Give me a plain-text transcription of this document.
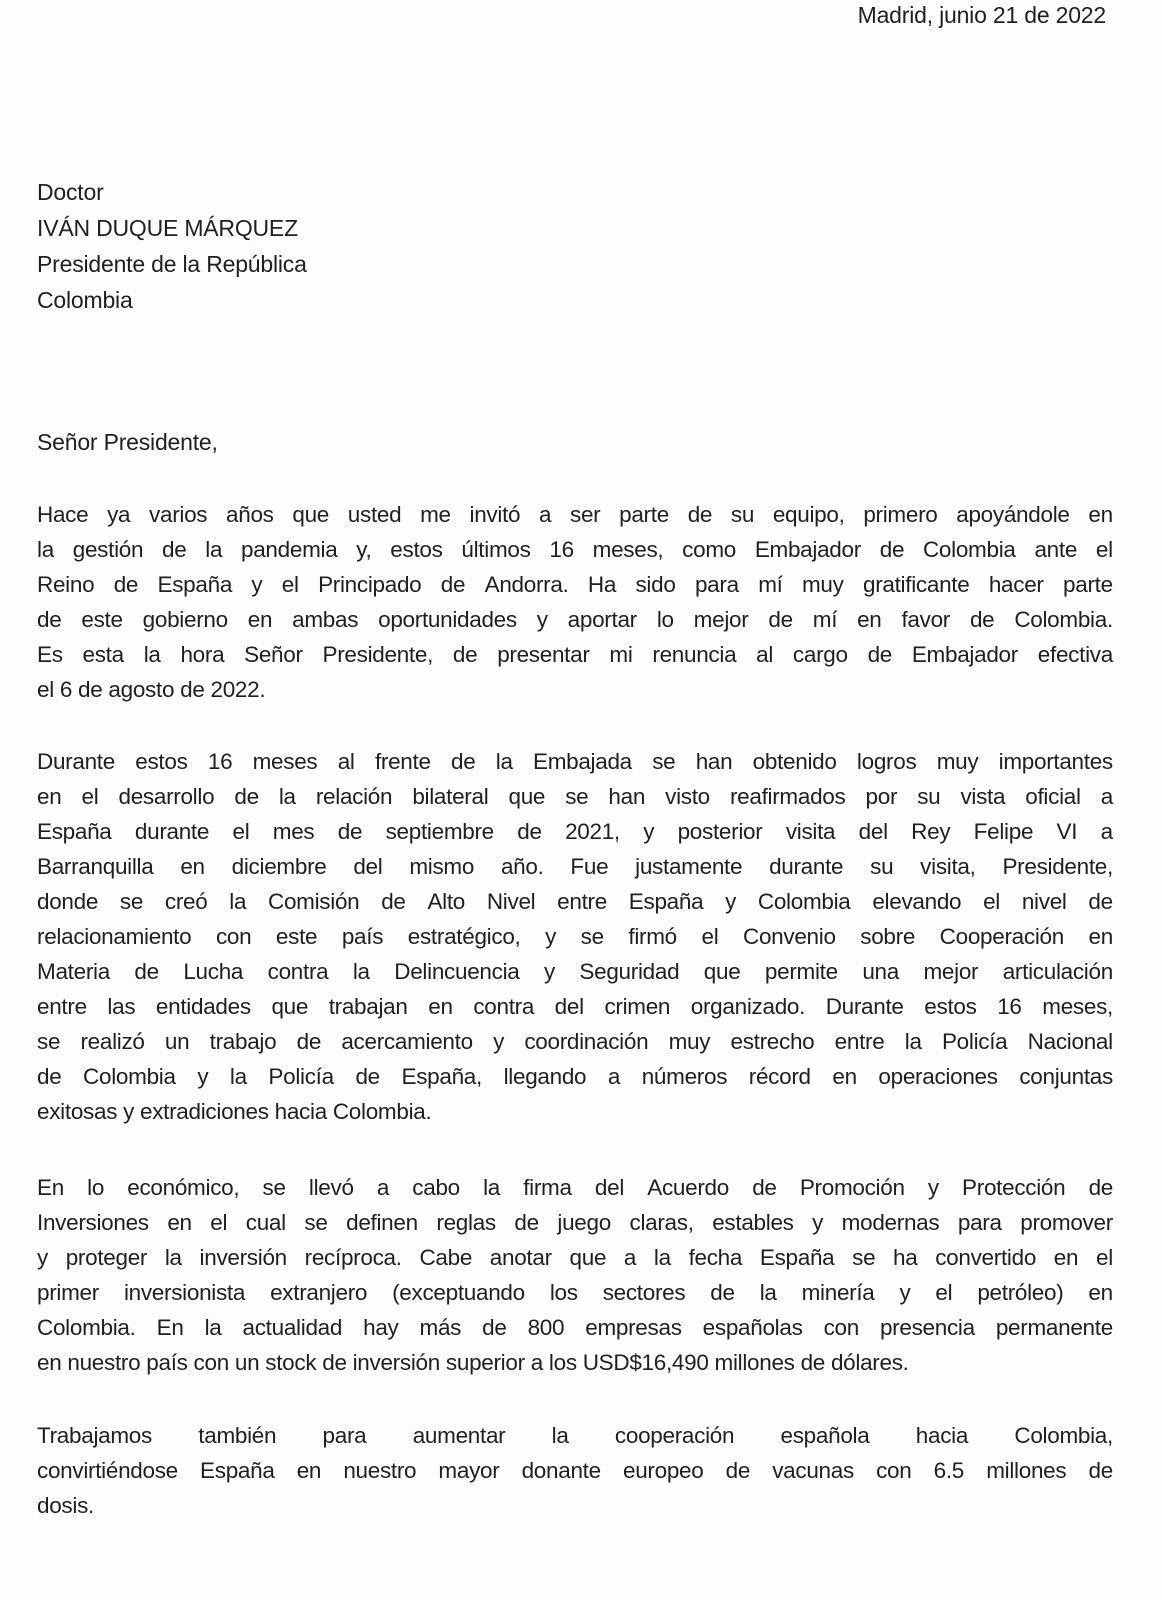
Madrid, junio 21 de 2022
Doctor
IVÁN DUQUE MÁRQUEZ
Presidente de la República
Colombia
Señor Presidente,
Hace ya varios años que usted me invitó a ser parte de su equipo, primero apoyándole en
la gestión de la pandemia y, estos últimos 16 meses, como Embajador de Colombia ante el
Reino de España y el Principado de Andorra. Ha sido para mí muy gratificante hacer parte
de este gobierno en ambas oportunidades y aportar lo mejor de mí en favor de Colombia.
Es esta la hora Señor Presidente, de presentar mi renuncia al cargo de Embajador efectiva
el 6 de agosto de 2022.
Durante estos 16 meses al frente de la Embajada se han obtenido logros muy importantes
en el desarrollo de la relación bilateral que se han visto reafirmados por su vista oficial a
España durante el mes de septiembre de 2021, y posterior visita del Rey Felipe VI a
Barranquilla en diciembre del mismo año. Fue justamente durante su visita, Presidente,
donde se creó la Comisión de Alto Nivel entre España y Colombia elevando el nivel de
relacionamiento con este país estratégico, y se firmó el Convenio sobre Cooperación en
Materia de Lucha contra la Delincuencia y Seguridad que permite una mejor articulación
entre las entidades que trabajan en contra del crimen organizado. Durante estos 16 meses,
se realizó un trabajo de acercamiento y coordinación muy estrecho entre la Policía Nacional
de Colombia y la Policía de España, llegando a números récord en operaciones conjuntas
exitosas y extradiciones hacia Colombia.
En lo económico, se llevó a cabo la firma del Acuerdo de Promoción y Protección de
Inversiones en el cual se definen reglas de juego claras, estables y modernas para promover
y proteger la inversión recíproca. Cabe anotar que a la fecha España se ha convertido en el
primer inversionista extranjero (exceptuando los sectores de la minería y el petróleo) en
Colombia. En la actualidad hay más de 800 empresas españolas con presencia permanente
en nuestro país con un stock de inversión superior a los USD$16,490 millones de dólares.
Trabajamos también para aumentar la cooperación española hacia Colombia,
convirtiéndose España en nuestro mayor donante europeo de vacunas con 6.5 millones de
dosis.
